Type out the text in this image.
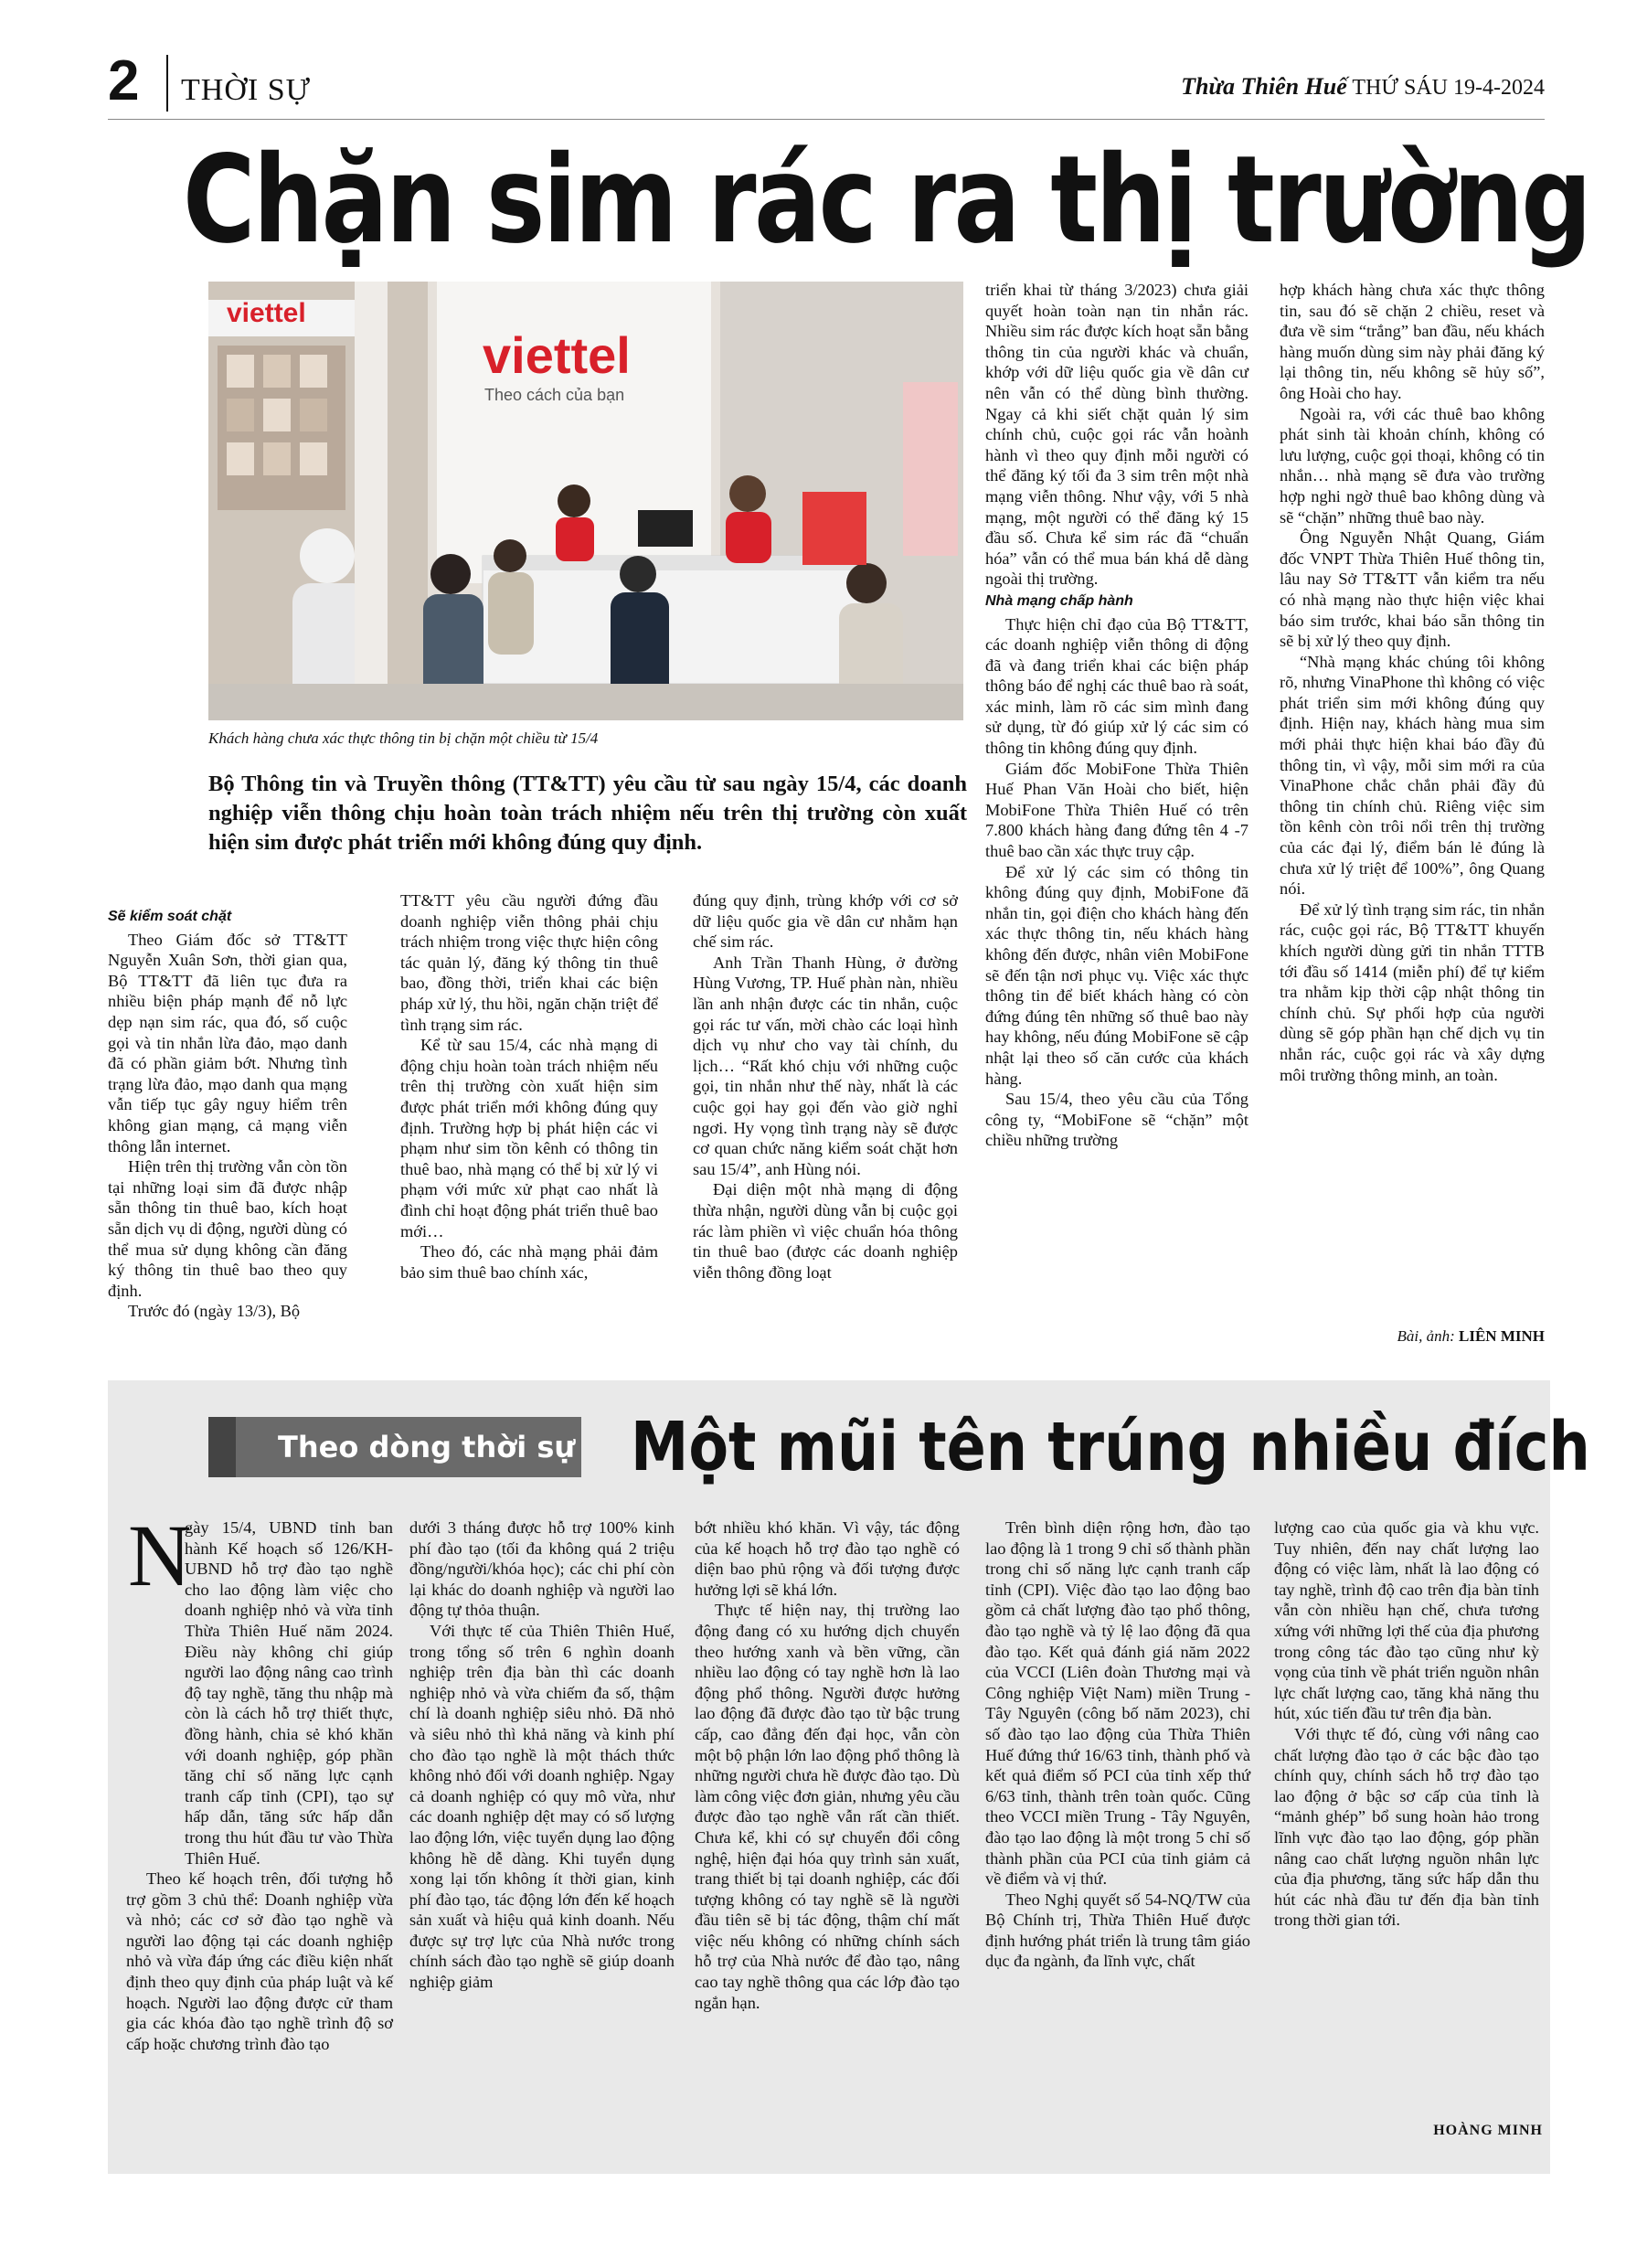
2 THỜI SỰ	Thừa Thiên Huế THỨ SÁU 19-4-2024
Chặn sim rác ra thị trường
viettel
viettel
Theo cách của bạn
Khách hàng chưa xác thực thông tin bị chặn một chiều từ 15/4
Bộ Thông tin và Truyền thông (TT&TT) yêu cầu từ sau ngày 15/4, các doanh nghiệp viễn thông chịu hoàn toàn trách nhiệm nếu trên thị trường còn xuất hiện sim được phát triển mới không đúng quy định.

Sẽ kiểm soát chặt

Theo Giám đốc sở TT&TT Nguyễn Xuân Sơn, thời gian qua, Bộ TT&TT đã liên tục đưa ra nhiều biện pháp mạnh để nỗ lực dẹp nạn sim rác, qua đó, số cuộc gọi và tin nhắn lừa đảo, mạo danh đã có phần giảm bớt. Nhưng tình trạng lừa đảo, mạo danh qua mạng vẫn tiếp tục gây nguy hiểm trên không gian mạng, cả mạng viễn thông lẫn internet.

Hiện trên thị trường vẫn còn tồn tại những loại sim đã được nhập sẵn thông tin thuê bao, kích hoạt sẵn dịch vụ di động, người dùng có thể mua sử dụng không cần đăng ký thông tin thuê bao theo quy định.

Trước đó (ngày 13/3), Bộ

TT&TT yêu cầu người đứng đầu doanh nghiệp viễn thông phải chịu trách nhiệm trong việc thực hiện công tác quản lý, đăng ký thông tin thuê bao, đồng thời, triển khai các biện pháp xử lý, thu hồi, ngăn chặn triệt để tình trạng sim rác.

Kể từ sau 15/4, các nhà mạng di động chịu hoàn toàn trách nhiệm nếu trên thị trường còn xuất hiện sim được phát triển mới không đúng quy định. Trường hợp bị phát hiện các vi phạm như sim tồn kênh có thông tin thuê bao, nhà mạng có thể bị xử lý vi phạm với mức xử phạt cao nhất là đình chỉ hoạt động phát triển thuê bao mới…

Theo đó, các nhà mạng phải đảm bảo sim thuê bao chính xác,

đúng quy định, trùng khớp với cơ sở dữ liệu quốc gia về dân cư nhằm hạn chế sim rác.

Anh Trần Thanh Hùng, ở đường Hùng Vương, TP. Huế phàn nàn, nhiều lần anh nhận được các tin nhắn, cuộc gọi rác tư vấn, mời chào các loại hình dịch vụ như cho vay tài chính, du lịch… “Rất khó chịu với những cuộc gọi, tin nhắn như thế này, nhất là các cuộc gọi hay gọi đến vào giờ nghỉ ngơi. Hy vọng tình trạng này sẽ được cơ quan chức năng kiểm soát chặt hơn sau 15/4”, anh Hùng nói.

Đại diện một nhà mạng di động thừa nhận, người dùng vẫn bị cuộc gọi rác làm phiền vì việc chuẩn hóa thông tin thuê bao (được các doanh nghiệp viễn thông đồng loạt

triển khai từ tháng 3/2023) chưa giải quyết hoàn toàn nạn tin nhắn rác. Nhiều sim rác được kích hoạt sẵn bằng thông tin của người khác và chuẩn, khớp với dữ liệu quốc gia về dân cư nên vẫn có thể dùng bình thường. Ngay cả khi siết chặt quản lý sim chính chủ, cuộc gọi rác vẫn hoành hành vì theo quy định mỗi người có thể đăng ký tối đa 3 sim trên một nhà mạng viễn thông. Như vậy, với 5 nhà mạng, một người có thể đăng ký 15 đầu số. Chưa kể sim rác đã “chuẩn hóa” vẫn có thể mua bán khá dễ dàng ngoài thị trường.

Nhà mạng chấp hành

Thực hiện chỉ đạo của Bộ TT&TT, các doanh nghiệp viễn thông di động đã và đang triển khai các biện pháp thông báo để nghị các thuê bao rà soát, xác minh, làm rõ các sim mình đang sử dụng, từ đó giúp xử lý các sim có thông tin không đúng quy định.

Giám đốc MobiFone Thừa Thiên Huế Phan Văn Hoài cho biết, hiện MobiFone Thừa Thiên Huế có trên 7.800 khách hàng đang đứng tên 4 -7 thuê bao cần xác thực truy cập.

Để xử lý các sim có thông tin không đúng quy định, MobiFone đã nhắn tin, gọi điện cho khách hàng đến xác thực thông tin, nếu khách hàng không đến được, nhân viên MobiFone sẽ đến tận nơi phục vụ. Việc xác thực thông tin để biết khách hàng có còn đứng đúng tên những số thuê bao này hay không, nếu đúng MobiFone sẽ cập nhật lại theo số căn cước của khách hàng.

Sau 15/4, theo yêu cầu của Tổng công ty, “MobiFone sẽ “chặn” một chiều những trường

hợp khách hàng chưa xác thực thông tin, sau đó sẽ chặn 2 chiều, reset và đưa về sim “trắng” ban đầu, nếu khách hàng muốn dùng sim này phải đăng ký lại thông tin, nếu không sẽ hủy số”, ông Hoài cho hay.

Ngoài ra, với các thuê bao không phát sinh tài khoản chính, không có lưu lượng, cuộc gọi thoại, không có tin nhắn… nhà mạng sẽ đưa vào trường hợp nghi ngờ thuê bao không dùng và sẽ “chặn” những thuê bao này.

Ông Nguyễn Nhật Quang, Giám đốc VNPT Thừa Thiên Huế thông tin, lâu nay Sở TT&TT vẫn kiểm tra nếu có nhà mạng nào thực hiện việc khai báo sim trước, khai báo sẵn thông tin sẽ bị xử lý theo quy định.

“Nhà mạng khác chúng tôi không rõ, nhưng VinaPhone thì không có việc phát triển sim mới không đúng quy định. Hiện nay, khách hàng mua sim mới phải thực hiện khai báo đầy đủ thông tin, vì vậy, mỗi sim mới ra của VinaPhone chắc chắn phải đầy đủ thông tin chính chủ. Riêng việc sim tồn kênh còn trôi nổi trên thị trường của các đại lý, điểm bán lẻ đúng là chưa xử lý triệt để 100%”, ông Quang nói.

Để xử lý tình trạng sim rác, tin nhắn rác, cuộc gọi rác, Bộ TT&TT khuyến khích người dùng gửi tin nhắn TTTB tới đầu số 1414 (miễn phí) để tự kiểm tra nhằm kịp thời cập nhật thông tin chính chủ. Sự phối hợp của người dùng sẽ góp phần hạn chế dịch vụ tin nhắn rác, cuộc gọi rác và xây dựng môi trường thông minh, an toàn.

Bài, ảnh: LIÊN MINH
Theo dòng thời sự Một mũi tên trúng nhiều đích
N

gày 15/4, UBND tỉnh ban hành Kế hoạch số 126/KH-UBND hỗ trợ đào tạo nghề cho lao động làm việc cho doanh nghiệp nhỏ và vừa tỉnh Thừa Thiên Huế năm 2024. Điều này không chỉ giúp người lao động nâng cao trình độ tay nghề, tăng thu nhập mà còn là cách hỗ trợ thiết thực, đồng hành, chia sẻ khó khăn với doanh nghiệp, góp phần tăng chỉ số năng lực cạnh tranh cấp tỉnh (CPI), tạo sự hấp dẫn, tăng sức hấp dẫn trong thu hút đầu tư vào Thừa Thiên Huế.

Theo kế hoạch trên, đối tượng hỗ trợ gồm 3 chủ thể: Doanh nghiệp vừa và nhỏ; các cơ sở đào tạo nghề và người lao động tại các doanh nghiệp nhỏ và vừa đáp ứng các điều kiện nhất định theo quy định của pháp luật và kế hoạch. Người lao động được cử tham gia các khóa đào tạo nghề trình độ sơ cấp hoặc chương trình đào tạo

dưới 3 tháng được hỗ trợ 100% kinh phí đào tạo (tối đa không quá 2 triệu đồng/người/khóa học); các chi phí còn lại khác do doanh nghiệp và người lao động tự thỏa thuận.

Với thực tế của Thiên Thiên Huế, trong tổng số trên 6 nghìn doanh nghiệp trên địa bàn thì các doanh nghiệp nhỏ và vừa chiếm đa số, thậm chí là doanh nghiệp siêu nhỏ. Đã nhỏ và siêu nhỏ thì khả năng và kinh phí cho đào tạo nghề là một thách thức không nhỏ đối với doanh nghiệp. Ngay cả doanh nghiệp có quy mô vừa, như các doanh nghiệp dệt may có số lượng lao động lớn, việc tuyển dụng lao động không hề dễ dàng. Khi tuyển dụng xong lại tốn không ít thời gian, kinh phí đào tạo, tác động lớn đến kế hoạch sản xuất và hiệu quả kinh doanh. Nếu được sự trợ lực của Nhà nước trong chính sách đào tạo nghề sẽ giúp doanh nghiệp giảm

bớt nhiều khó khăn. Vì vậy, tác động của kế hoạch hỗ trợ đào tạo nghề có diện bao phủ rộng và đối tượng được hưởng lợi sẽ khá lớn.

Thực tế hiện nay, thị trường lao động đang có xu hướng dịch chuyển theo hướng xanh và bền vững, cần nhiều lao động có tay nghề hơn là lao động phổ thông. Người được hưởng lao động đã được đào tạo từ bậc trung cấp, cao đẳng đến đại học, vẫn còn một bộ phận lớn lao động phổ thông là những người chưa hề được đào tạo. Dù làm công việc đơn giản, nhưng yêu cầu được đào tạo nghề vẫn rất cần thiết. Chưa kể, khi có sự chuyển đổi công nghệ, hiện đại hóa quy trình sản xuất, trang thiết bị tại doanh nghiệp, các đối tượng không có tay nghề sẽ là người đầu tiên sẽ bị tác động, thậm chí mất việc nếu không có những chính sách hỗ trợ của Nhà nước để đào tạo, nâng cao tay nghề thông qua các lớp đào tạo ngắn hạn.

Trên bình diện rộng hơn, đào tạo lao động là 1 trong 9 chỉ số thành phần trong chỉ số năng lực cạnh tranh cấp tỉnh (CPI). Việc đào tạo lao động bao gồm cả chất lượng đào tạo phổ thông, đào tạo nghề và tỷ lệ lao động đã qua đào tạo. Kết quả đánh giá năm 2022 của VCCI (Liên đoàn Thương mại và Công nghiệp Việt Nam) miền Trung - Tây Nguyên (công bố năm 2023), chỉ số đào tạo lao động của Thừa Thiên Huế đứng thứ 16/63 tỉnh, thành phố và kết quả điểm số PCI của tỉnh xếp thứ 6/63 tỉnh, thành trên toàn quốc. Cũng theo VCCI miền Trung - Tây Nguyên, đào tạo lao động là một trong 5 chỉ số thành phần của PCI của tỉnh giảm cả về điểm và vị thứ.

Theo Nghị quyết số 54-NQ/TW của Bộ Chính trị, Thừa Thiên Huế được định hướng phát triển là trung tâm giáo dục đa ngành, đa lĩnh vực, chất

lượng cao của quốc gia và khu vực. Tuy nhiên, đến nay chất lượng lao động có việc làm, nhất là lao động có tay nghề, trình độ cao trên địa bàn tỉnh vẫn còn nhiều hạn chế, chưa tương xứng với những lợi thế của địa phương trong công tác đào tạo cũng như kỳ vọng của tỉnh về phát triển nguồn nhân lực chất lượng cao, tăng khả năng thu hút, xúc tiến đầu tư trên địa bàn.

Với thực tế đó, cùng với nâng cao chất lượng đào tạo ở các bậc đào tạo chính quy, chính sách hỗ trợ đào tạo lao động ở bậc sơ cấp của tỉnh là “mảnh ghép” bổ sung hoàn hảo trong lĩnh vực đào tạo lao động, góp phần nâng cao chất lượng nguồn nhân lực của địa phương, tăng sức hấp dẫn thu hút các nhà đầu tư đến địa bàn tỉnh trong thời gian tới.

HOÀNG MINH
